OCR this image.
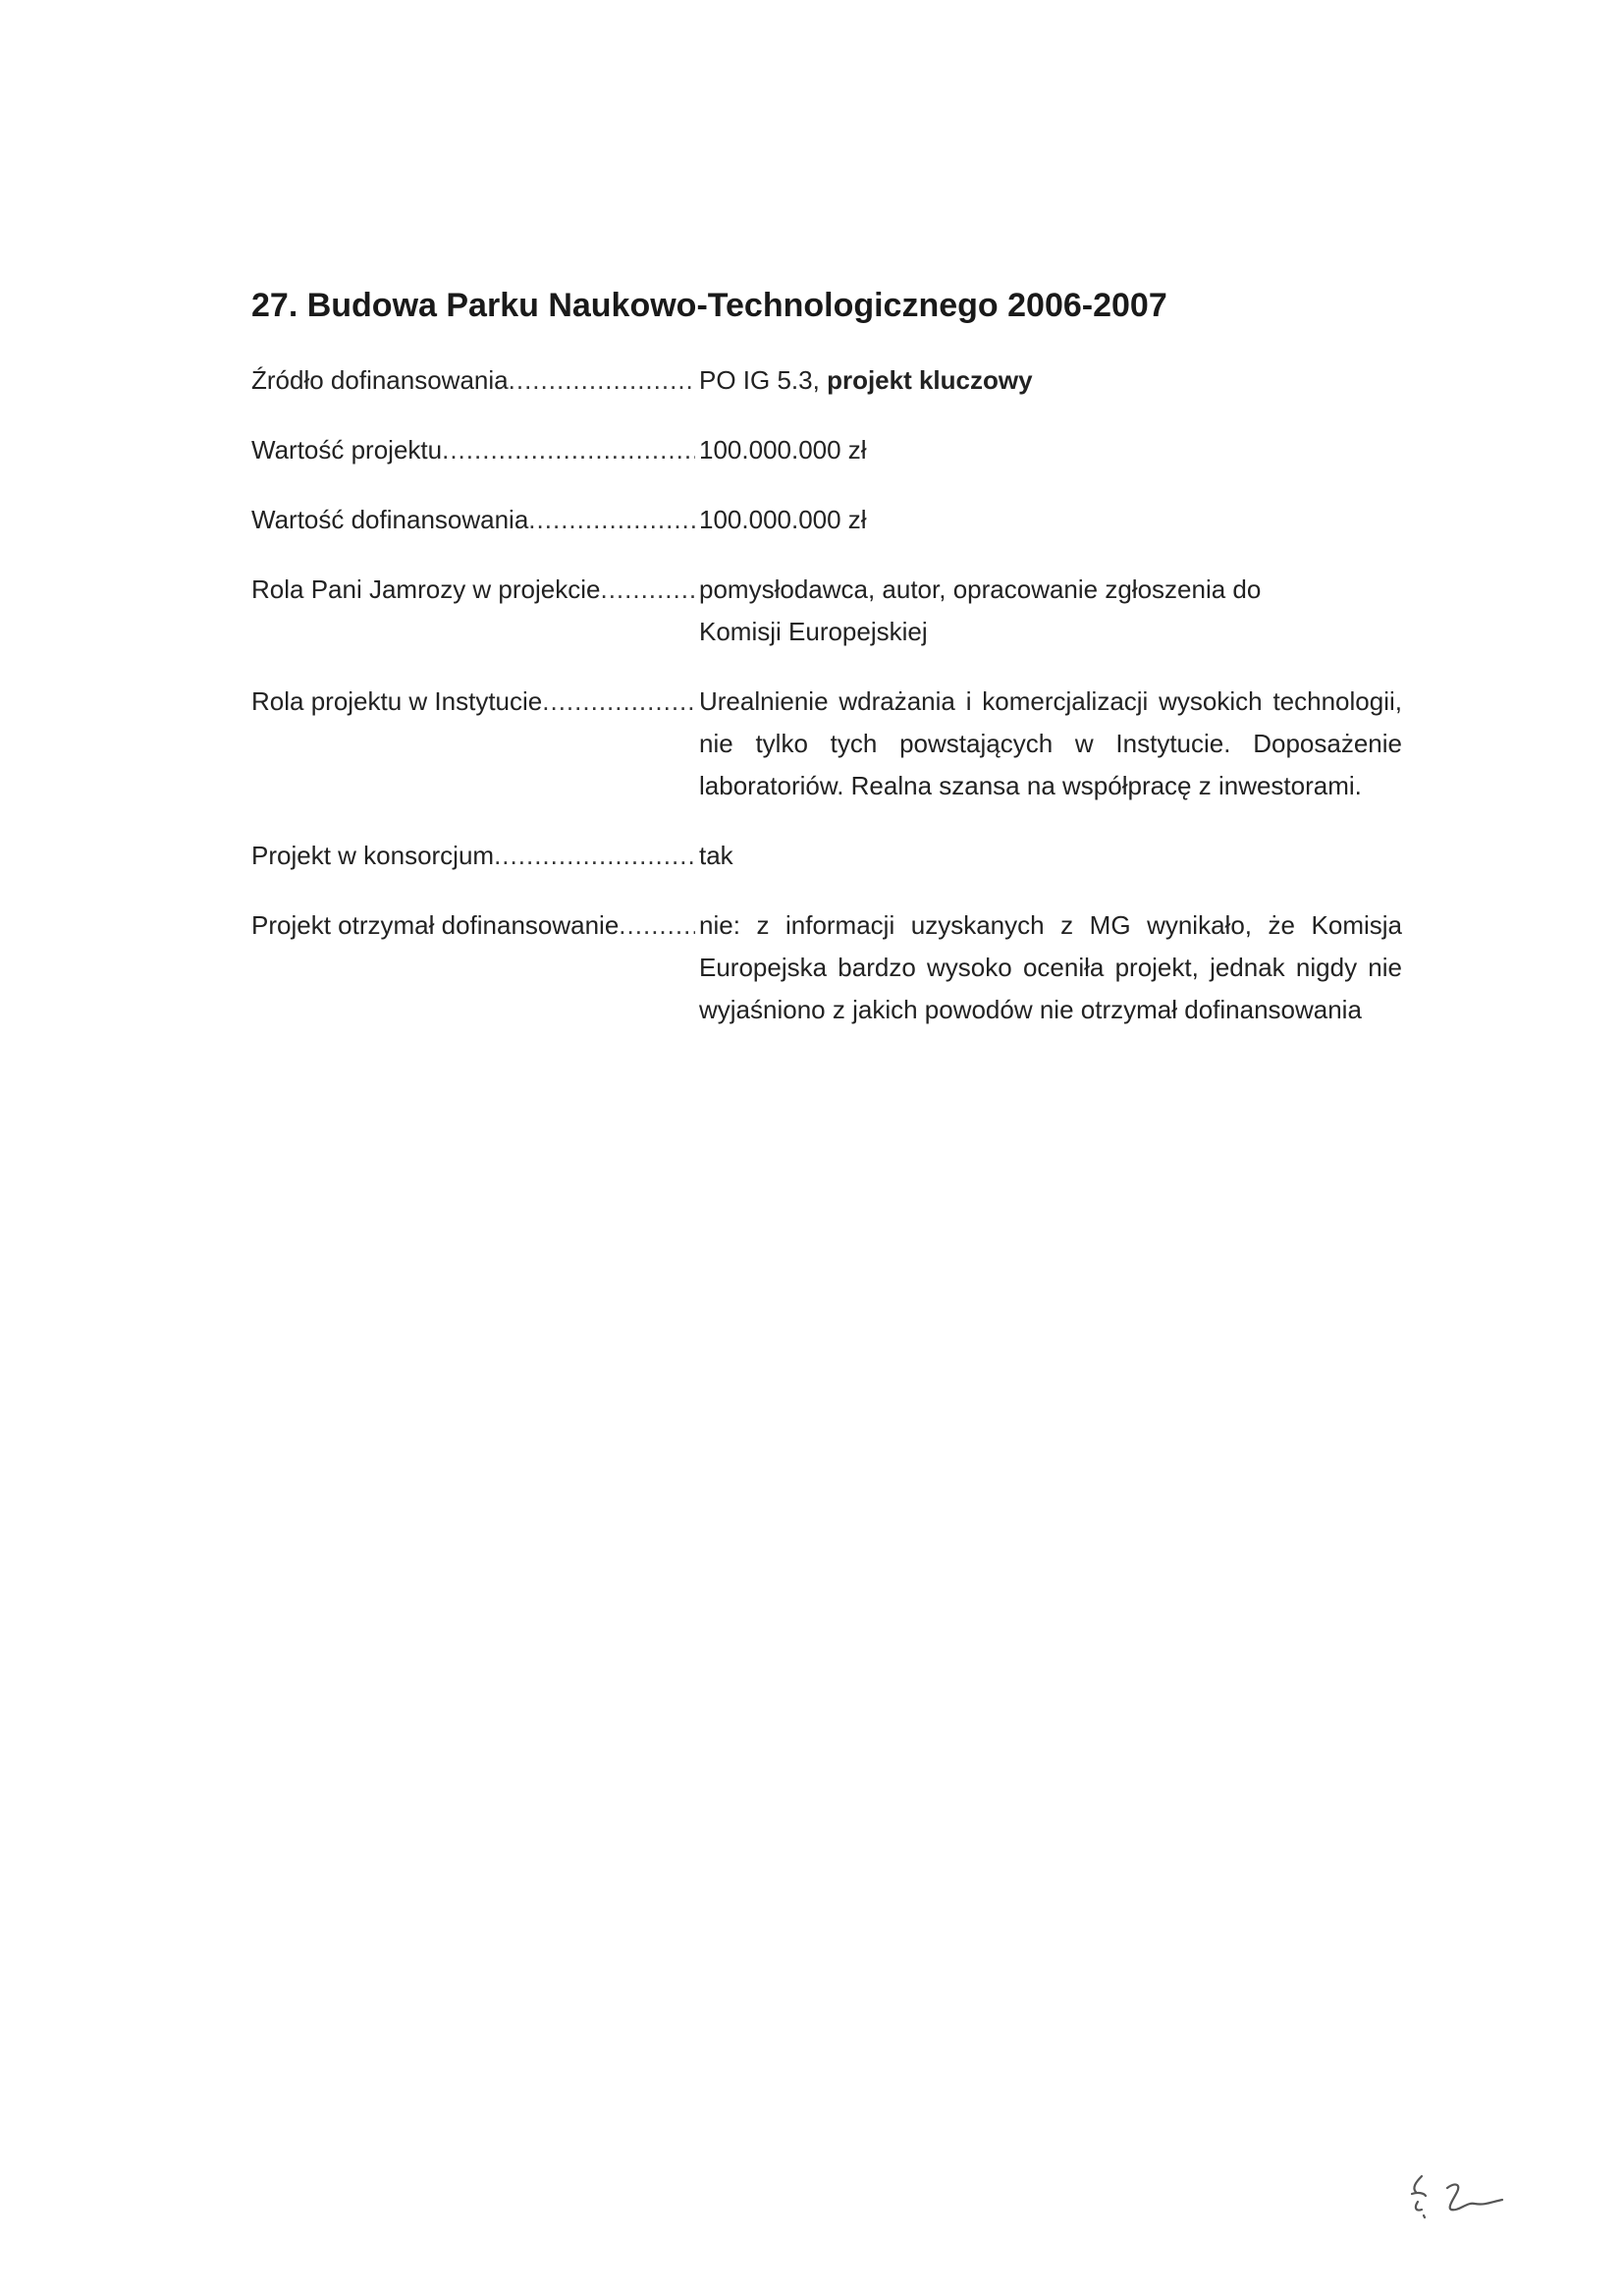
27. Budowa Parku Naukowo-Technologicznego 2006-2007
Źródło dofinansowania .....	PO IG 5.3, projekt kluczowy
Wartość projektu .....	100.000.000 zł
Wartość dofinansowania .....	100.000.000 zł
Rola Pani Jamrozy w projekcie .....	pomysłodawca, autor, opracowanie zgłoszenia do Komisji Europejskiej
Rola projektu w Instytucie .....	Urealnienie wdrażania i komercjalizacji wysokich technologii, nie tylko tych powstających w Instytucie. Doposażenie laboratoriów. Realna szansa na współpracę z inwestorami.
Projekt w konsorcjum .....	tak
Projekt otrzymał dofinansowanie .....	nie: z informacji uzyskanych z MG wynikało, że Komisja Europejska bardzo wysoko oceniła projekt, jednak nigdy nie wyjaśniono z jakich powodów nie otrzymał dofinansowania
